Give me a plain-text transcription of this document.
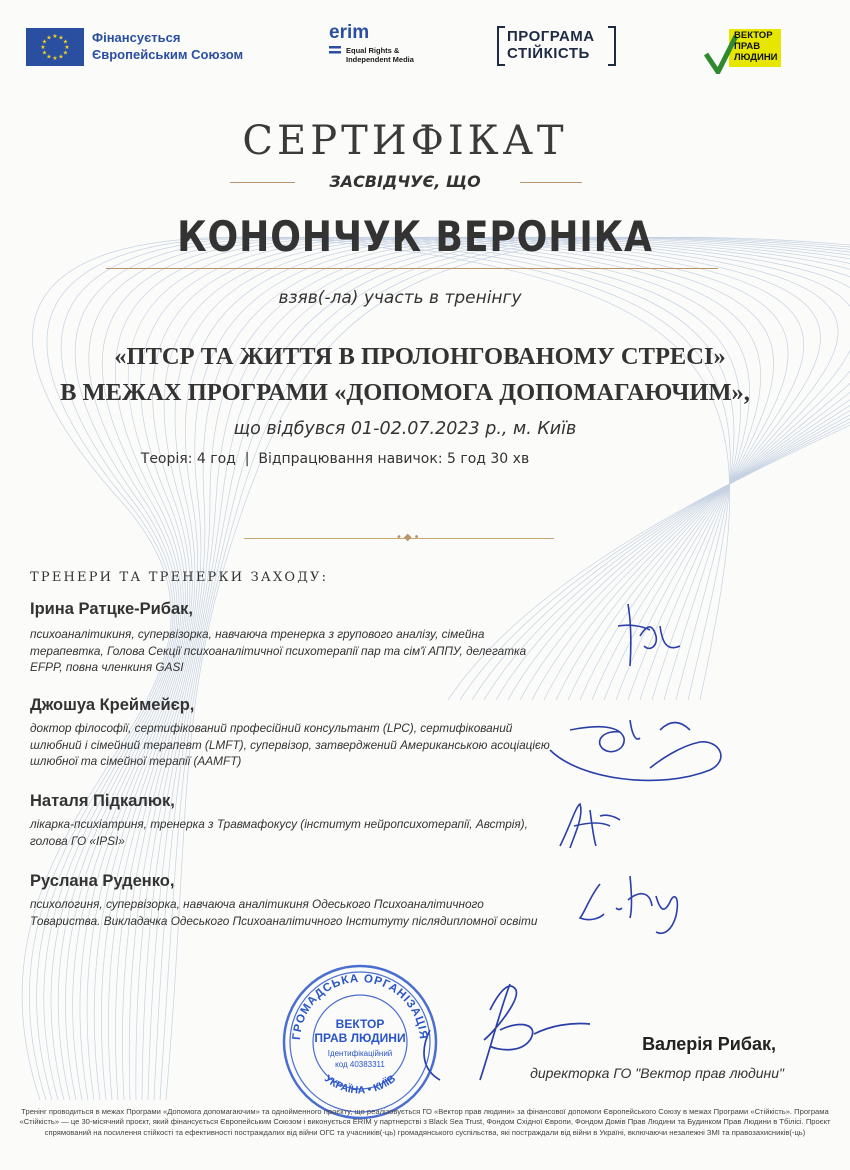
★ ★
★
★
★
★
★
★
★
★
★
★	Фінансується Європейським Союзом
erim
Equal Rights & Independent Media
ПРОГРАМА СТІЙКІСТЬ
ВЕКТОР ПРАВ ЛЮДИНИ
СЕРТИФІКАТ
ЗАСВІДЧУЄ, ЩО
КОНОНЧУК ВЕРОНІКА
взяв(-ла) участь в тренінгу
«ПТСР ТА ЖИТТЯ В ПРОЛОНГОВАНОМУ СТРЕСІ»
В МЕЖАХ ПРОГРАМИ «ДОПОМОГА ДОПОМАГАЮЧИМ»,
що відбувся 01-02.07.2023 р., м. Київ
Теорія: 4 год  |  Відпрацювання навичок: 5 год 30 хв
•◆•
ТРЕНЕРИ ТА ТРЕНЕРКИ ЗАХОДУ:
Ірина Ратцке-Рибак,
психоаналітикиня, супервізорка, навчаюча тренерка з групового аналізу, сімейна терапевтка, Голова Секції психоаналітичної психотерапії пар та сім'ї АППУ, делегатка EFPP, повна членкиня GASI
Джошуа Креймейєр,
доктор філософії, сертифікований професійний консультант (LPC), сертифікований шлюбний і сімейний терапевт (LMFT), супервізор, затверджений Американською асоціацією шлюбної та сімейної терапії (AAMFT)
Наталя Підкалюк,
лікарка-психіатриня, тренерка з Травмафокусу (інститут нейропсихотерапії, Австрія), голова ГО «IPSI»
Руслана Руденко,
психологиня, супервізорка, навчаюча аналітикиня Одеського Психоаналітичного Товариства. Викладачка Одеського Психоаналітичного Інституту післядипломної освіти
ГРОМАДСЬКА ОРГАНІЗАЦІЯ
УКРАЇНА • КИЇВ
ВЕКТОР
ПРАВ ЛЮДИНИ
Ідентифікаційний
код 40383311
Валерія Рибак,
директорка ГО "Вектор прав людини"
Тренінг проводиться в межах Програми «Допомога допомагаючим» та однойменного проєкту, що реалізовується ГО «Вектор прав людини» за фінансової допомоги Європейського Союзу в межах Програми «Стійкість». Програма «Стійкість» — це 30-місячний проєкт, який фінансується Європейським Союзом і виконується ERIM у партнерстві з Black Sea Trust, Фондом Східної Європи, Фондом Домів Прав Людини та Будинком Прав Людини в Тбілісі. Проєкт спрямований на посилення стійкості та ефективності постраждалих від війни ОГС та учасників(-ць) громадянського суспільства, які постраждали від війни в Україні, включаючи незалежні ЗМІ та правозахисників(-ць)
